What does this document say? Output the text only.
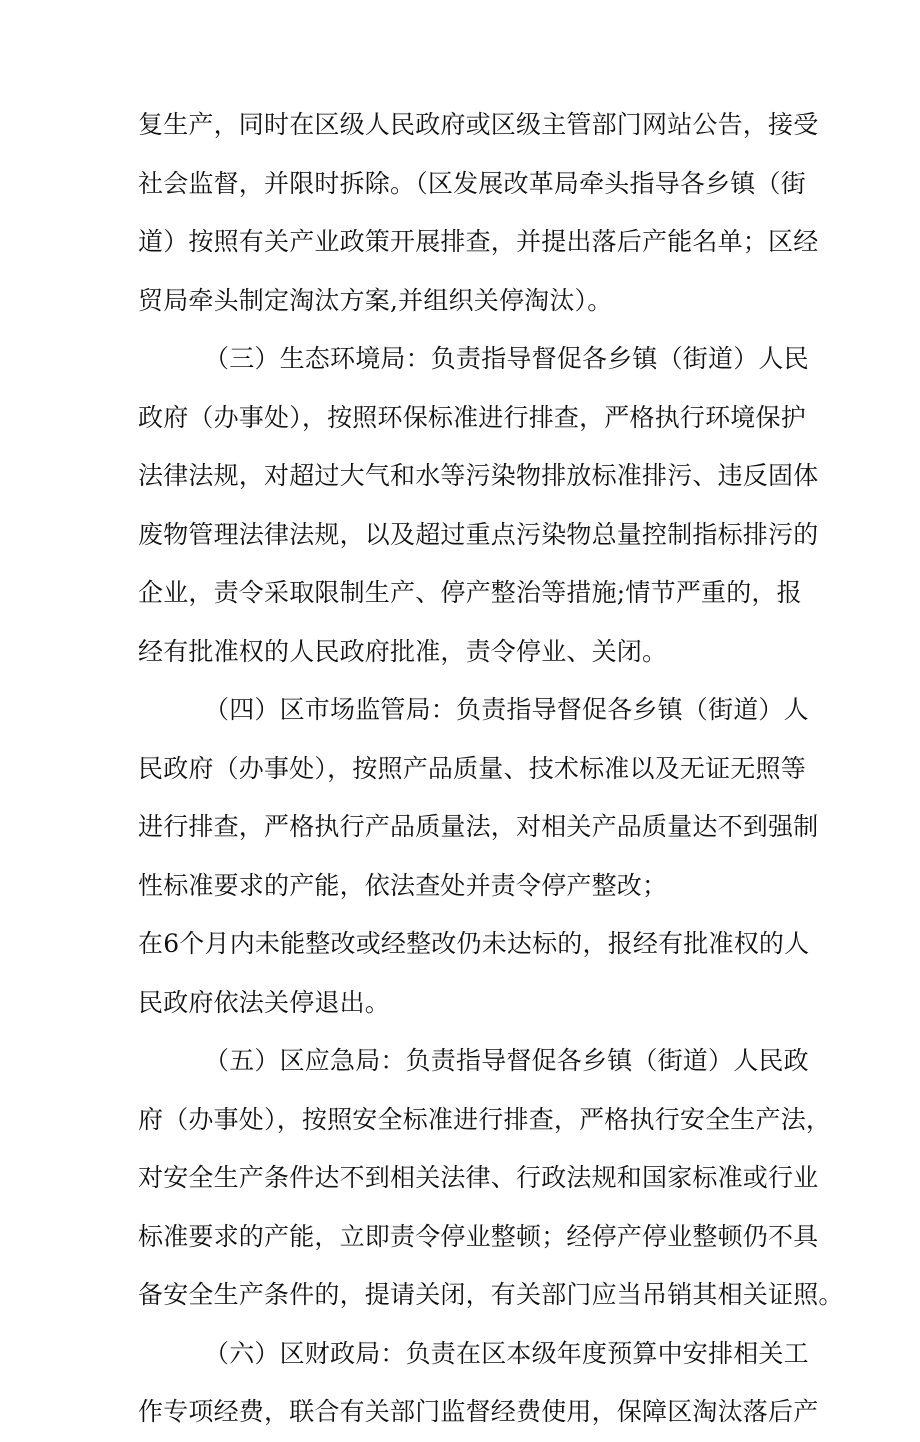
复生产，同时在区级人民政府或区级主管部门网站公告，接受
社会监督，并限时拆除。（区发展改革局牵头指导各乡镇（街
道）按照有关产业政策开展排查，并提出落后产能名单；区经
贸局牵头制定淘汰方案,并组织关停淘汰）。
（三）生态环境局：负责指导督促各乡镇（街道）人民
政府（办事处），按照环保标准进行排查，严格执行环境保护
法律法规，对超过大气和水等污染物排放标准排污、违反固体
废物管理法律法规，以及超过重点污染物总量控制指标排污的
企业，责令采取限制生产、停产整治等措施;情节严重的，报
经有批准权的人民政府批准，责令停业、关闭。
（四）区市场监管局：负责指导督促各乡镇（街道）人
民政府（办事处），按照产品质量、技术标准以及无证无照等
进行排查，严格执行产品质量法，对相关产品质量达不到强制
性标准要求的产能，依法查处并责令停产整改；
在6个月内未能整改或经整改仍未达标的，报经有批准权的人
民政府依法关停退出。
（五）区应急局：负责指导督促各乡镇（街道）人民政
府（办事处），按照安全标准进行排查，严格执行安全生产法，
对安全生产条件达不到相关法律、行政法规和国家标准或行业
标准要求的产能，立即责令停业整顿；经停产停业整顿仍不具
备安全生产条件的，提请关闭，有关部门应当吊销其相关证照。
（六）区财政局：负责在区本级年度预算中安排相关工
作专项经费，联合有关部门监督经费使用，保障区淘汰落后产
